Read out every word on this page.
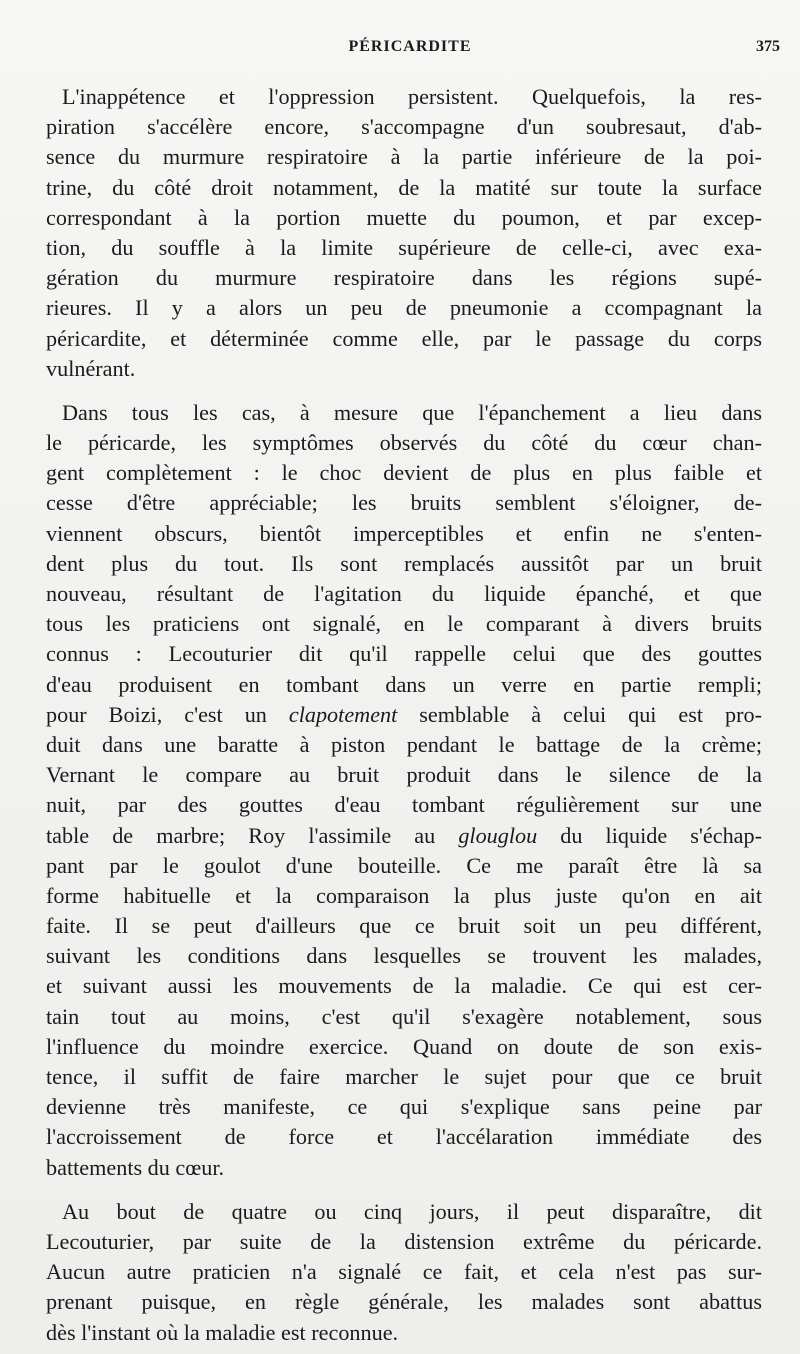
PÉRICARDITE	375
L'inappétence et l'oppression persistent. Quelquefois, la res-
piration s'accélère encore, s'accompagne d'un soubresaut, d'ab-
sence du murmure respiratoire à la partie inférieure de la poi-
trine, du côté droit notamment, de la matité sur toute la surface
correspondant à la portion muette du poumon, et par excep-
tion, du souffle à la limite supérieure de celle-ci, avec exa-
gération du murmure respiratoire dans les régions supé-
rieures. Il y a alors un peu de pneumonie a ccompagnant la
péricardite, et déterminée comme elle, par le passage du corps
vulnérant.
Dans tous les cas, à mesure que l'épanchement a lieu dans
le péricarde, les symptômes observés du côté du cœur chan-
gent complètement : le choc devient de plus en plus faible et
cesse d'être appréciable; les bruits semblent s'éloigner, de-
viennent obscurs, bientôt imperceptibles et enfin ne s'enten-
dent plus du tout. Ils sont remplacés aussitôt par un bruit
nouveau, résultant de l'agitation du liquide épanché, et que
tous les praticiens ont signalé, en le comparant à divers bruits
connus : Lecouturier dit qu'il rappelle celui que des gouttes
d'eau produisent en tombant dans un verre en partie rempli;
pour Boizi, c'est un clapotement semblable à celui qui est pro-
duit dans une baratte à piston pendant le battage de la crème;
Vernant le compare au bruit produit dans le silence de la
nuit, par des gouttes d'eau tombant régulièrement sur une
table de marbre; Roy l'assimile au glouglou du liquide s'échap-
pant par le goulot d'une bouteille. Ce me paraît être là sa
forme habituelle et la comparaison la plus juste qu'on en ait
faite. Il se peut d'ailleurs que ce bruit soit un peu différent,
suivant les conditions dans lesquelles se trouvent les malades,
et suivant aussi les mouvements de la maladie. Ce qui est cer-
tain tout au moins, c'est qu'il s'exagère notablement, sous
l'influence du moindre exercice. Quand on doute de son exis-
tence, il suffit de faire marcher le sujet pour que ce bruit
devienne très manifeste, ce qui s'explique sans peine par
l'accroissement de force et l'accélaration immédiate des
battements du cœur.
Au bout de quatre ou cinq jours, il peut disparaître, dit
Lecouturier, par suite de la distension extrême du péricarde.
Aucun autre praticien n'a signalé ce fait, et cela n'est pas sur-
prenant puisque, en règle générale, les malades sont abattus
dès l'instant où la maladie est reconnue.
